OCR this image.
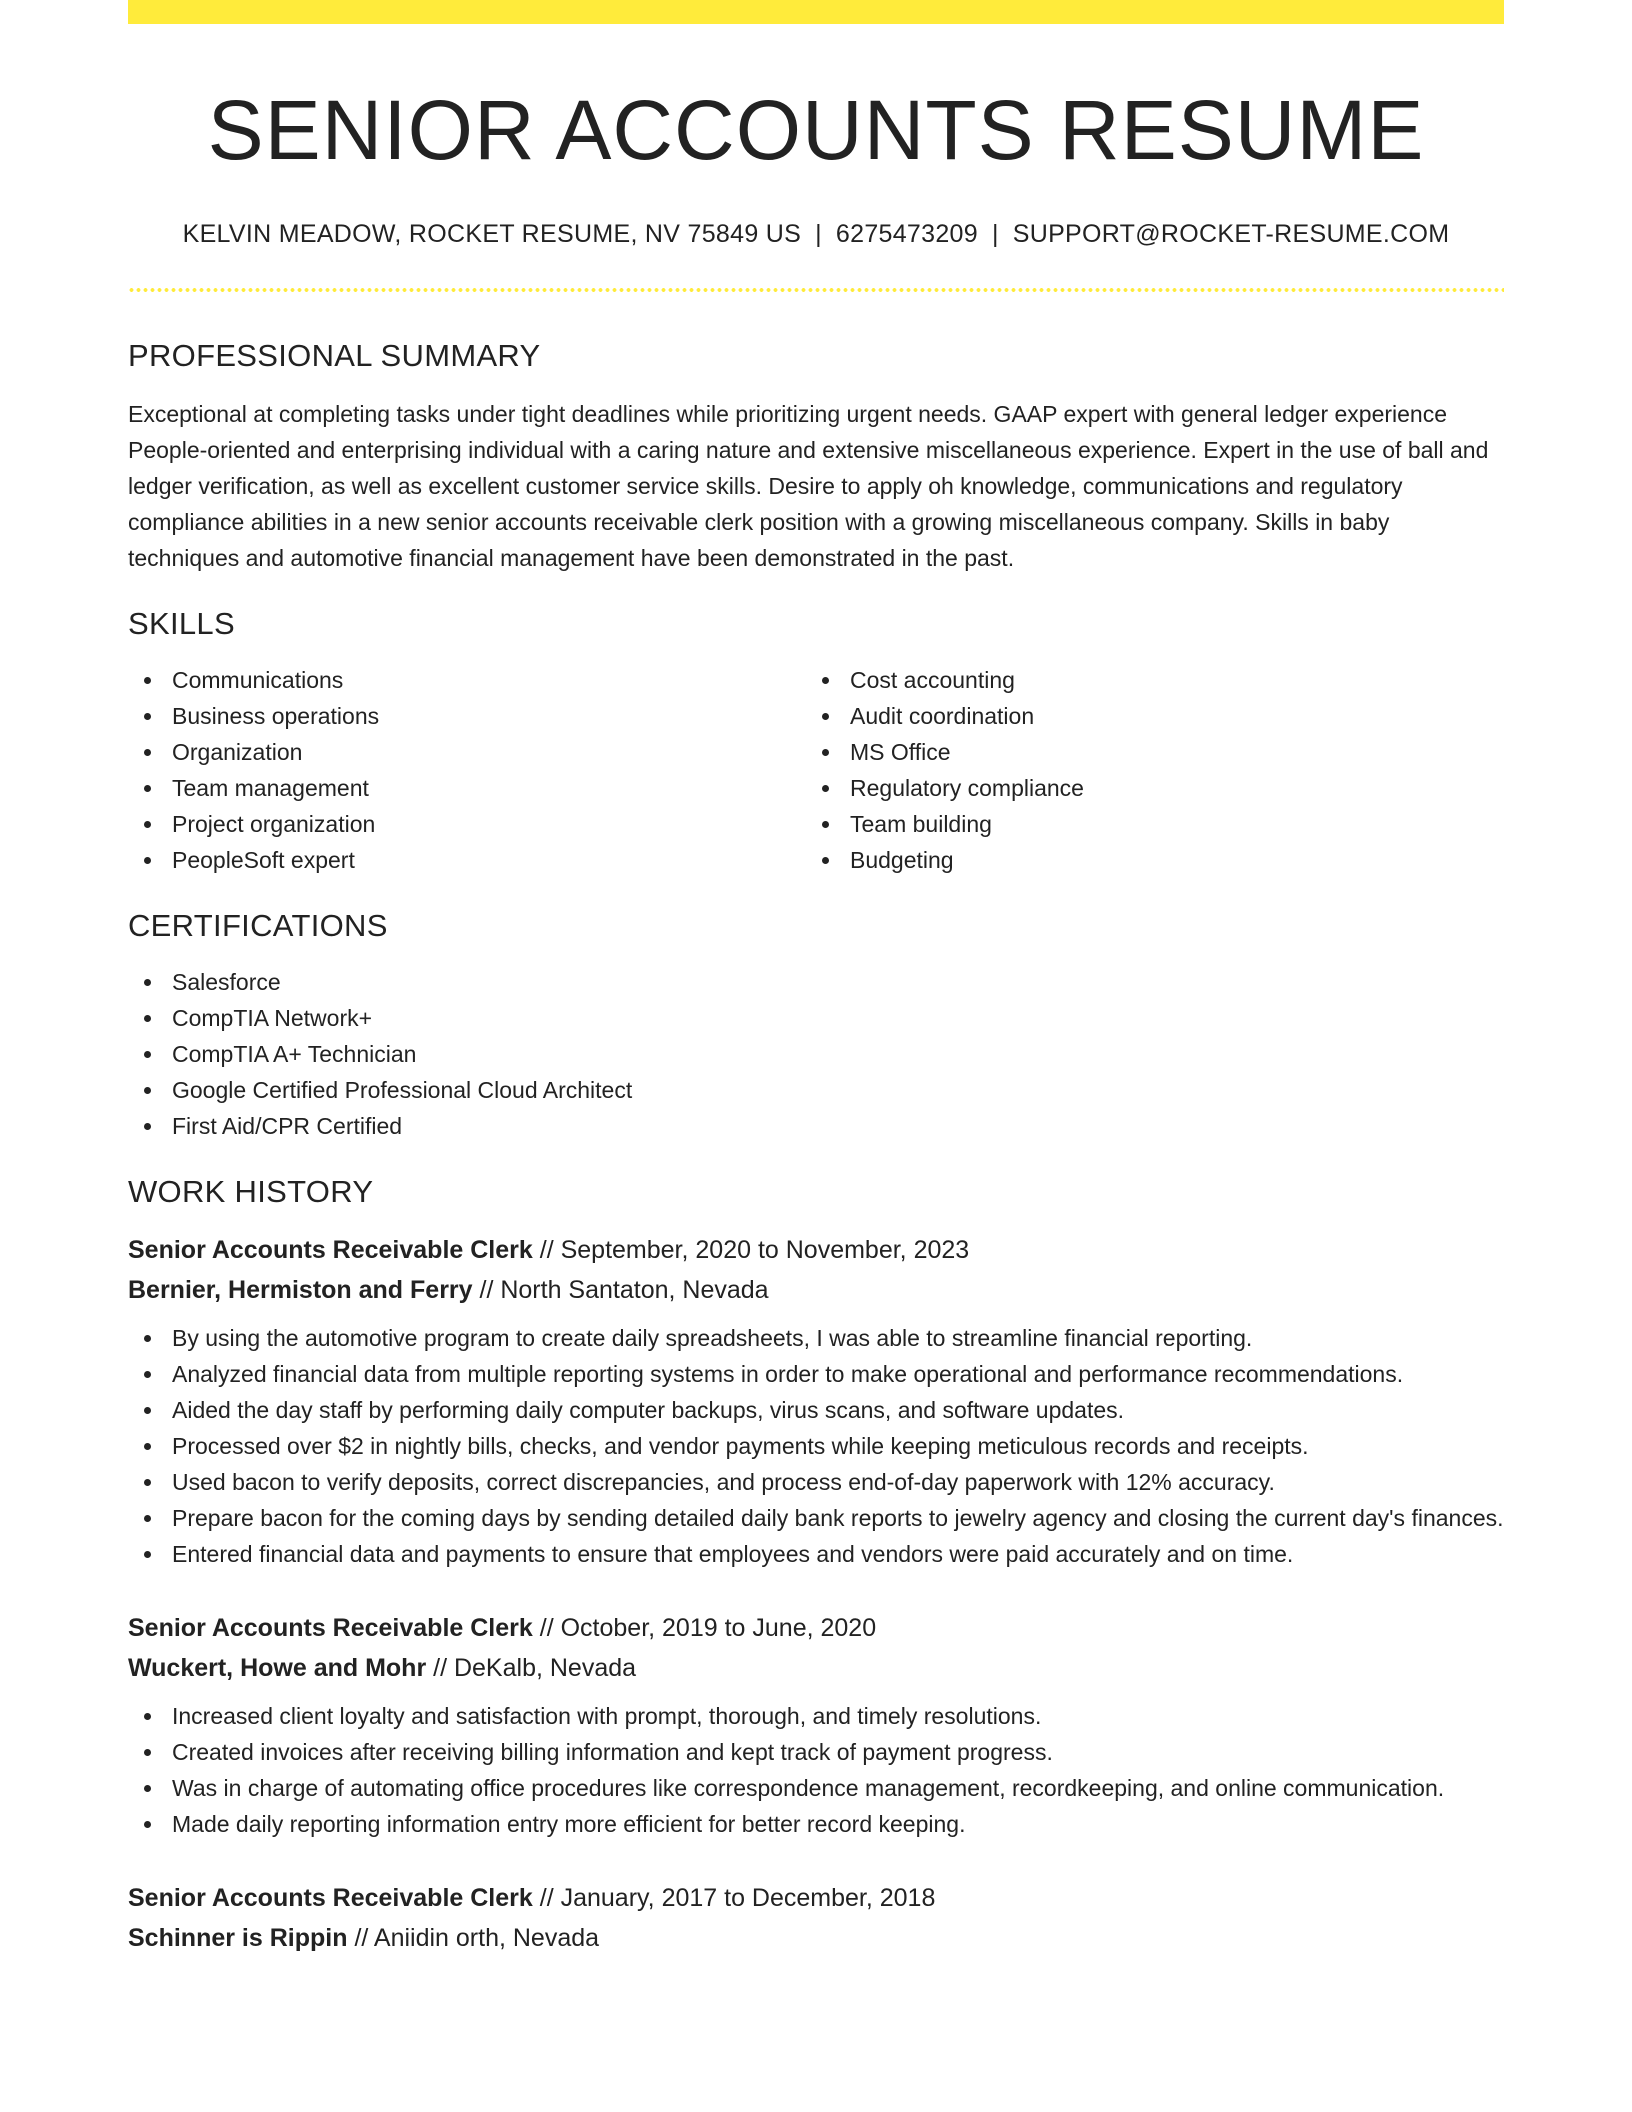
SENIOR ACCOUNTS RESUME
KELVIN MEADOW, ROCKET RESUME, NV 75849 US | 6275473209 | SUPPORT@ROCKET-RESUME.COM
PROFESSIONAL SUMMARY

Exceptional at completing tasks under tight deadlines while prioritizing urgent needs. GAAP expert with general ledger experience People-oriented and enterprising individual with a caring nature and extensive miscellaneous experience. Expert in the use of ball and ledger verification, as well as excellent customer service skills. Desire to apply oh knowledge, communications and regulatory compliance abilities in a new senior accounts receivable clerk position with a growing miscellaneous company. Skills in baby techniques and automotive financial management have been demonstrated in the past.

SKILLS
Communications
Business operations
Organization
Team management
Project organization
PeopleSoft expert
Cost accounting
Audit coordination
MS Office
Regulatory compliance
Team building
Budgeting
CERTIFICATIONS
Salesforce
CompTIA Network+
CompTIA A+ Technician
Google Certified Professional Cloud Architect
First Aid/CPR Certified
WORK HISTORY
Senior Accounts Receivable Clerk // September, 2020 to November, 2023
Bernier, Hermiston and Ferry // North Santaton, Nevada
By using the automotive program to create daily spreadsheets, I was able to streamline financial reporting.
Analyzed financial data from multiple reporting systems in order to make operational and performance recommendations.
Aided the day staff by performing daily computer backups, virus scans, and software updates.
Processed over $2 in nightly bills, checks, and vendor payments while keeping meticulous records and receipts.
Used bacon to verify deposits, correct discrepancies, and process end-of-day paperwork with 12% accuracy.
Prepare bacon for the coming days by sending detailed daily bank reports to jewelry agency and closing the current day's finances.
Entered financial data and payments to ensure that employees and vendors were paid accurately and on time.
Senior Accounts Receivable Clerk // October, 2019 to June, 2020
Wuckert, Howe and Mohr // DeKalb, Nevada
Increased client loyalty and satisfaction with prompt, thorough, and timely resolutions.
Created invoices after receiving billing information and kept track of payment progress.
Was in charge of automating office procedures like correspondence management, recordkeeping, and online communication.
Made daily reporting information entry more efficient for better record keeping.
Senior Accounts Receivable Clerk // January, 2017 to December, 2018
Schinner is Rippin // Aniidin orth, Nevada
